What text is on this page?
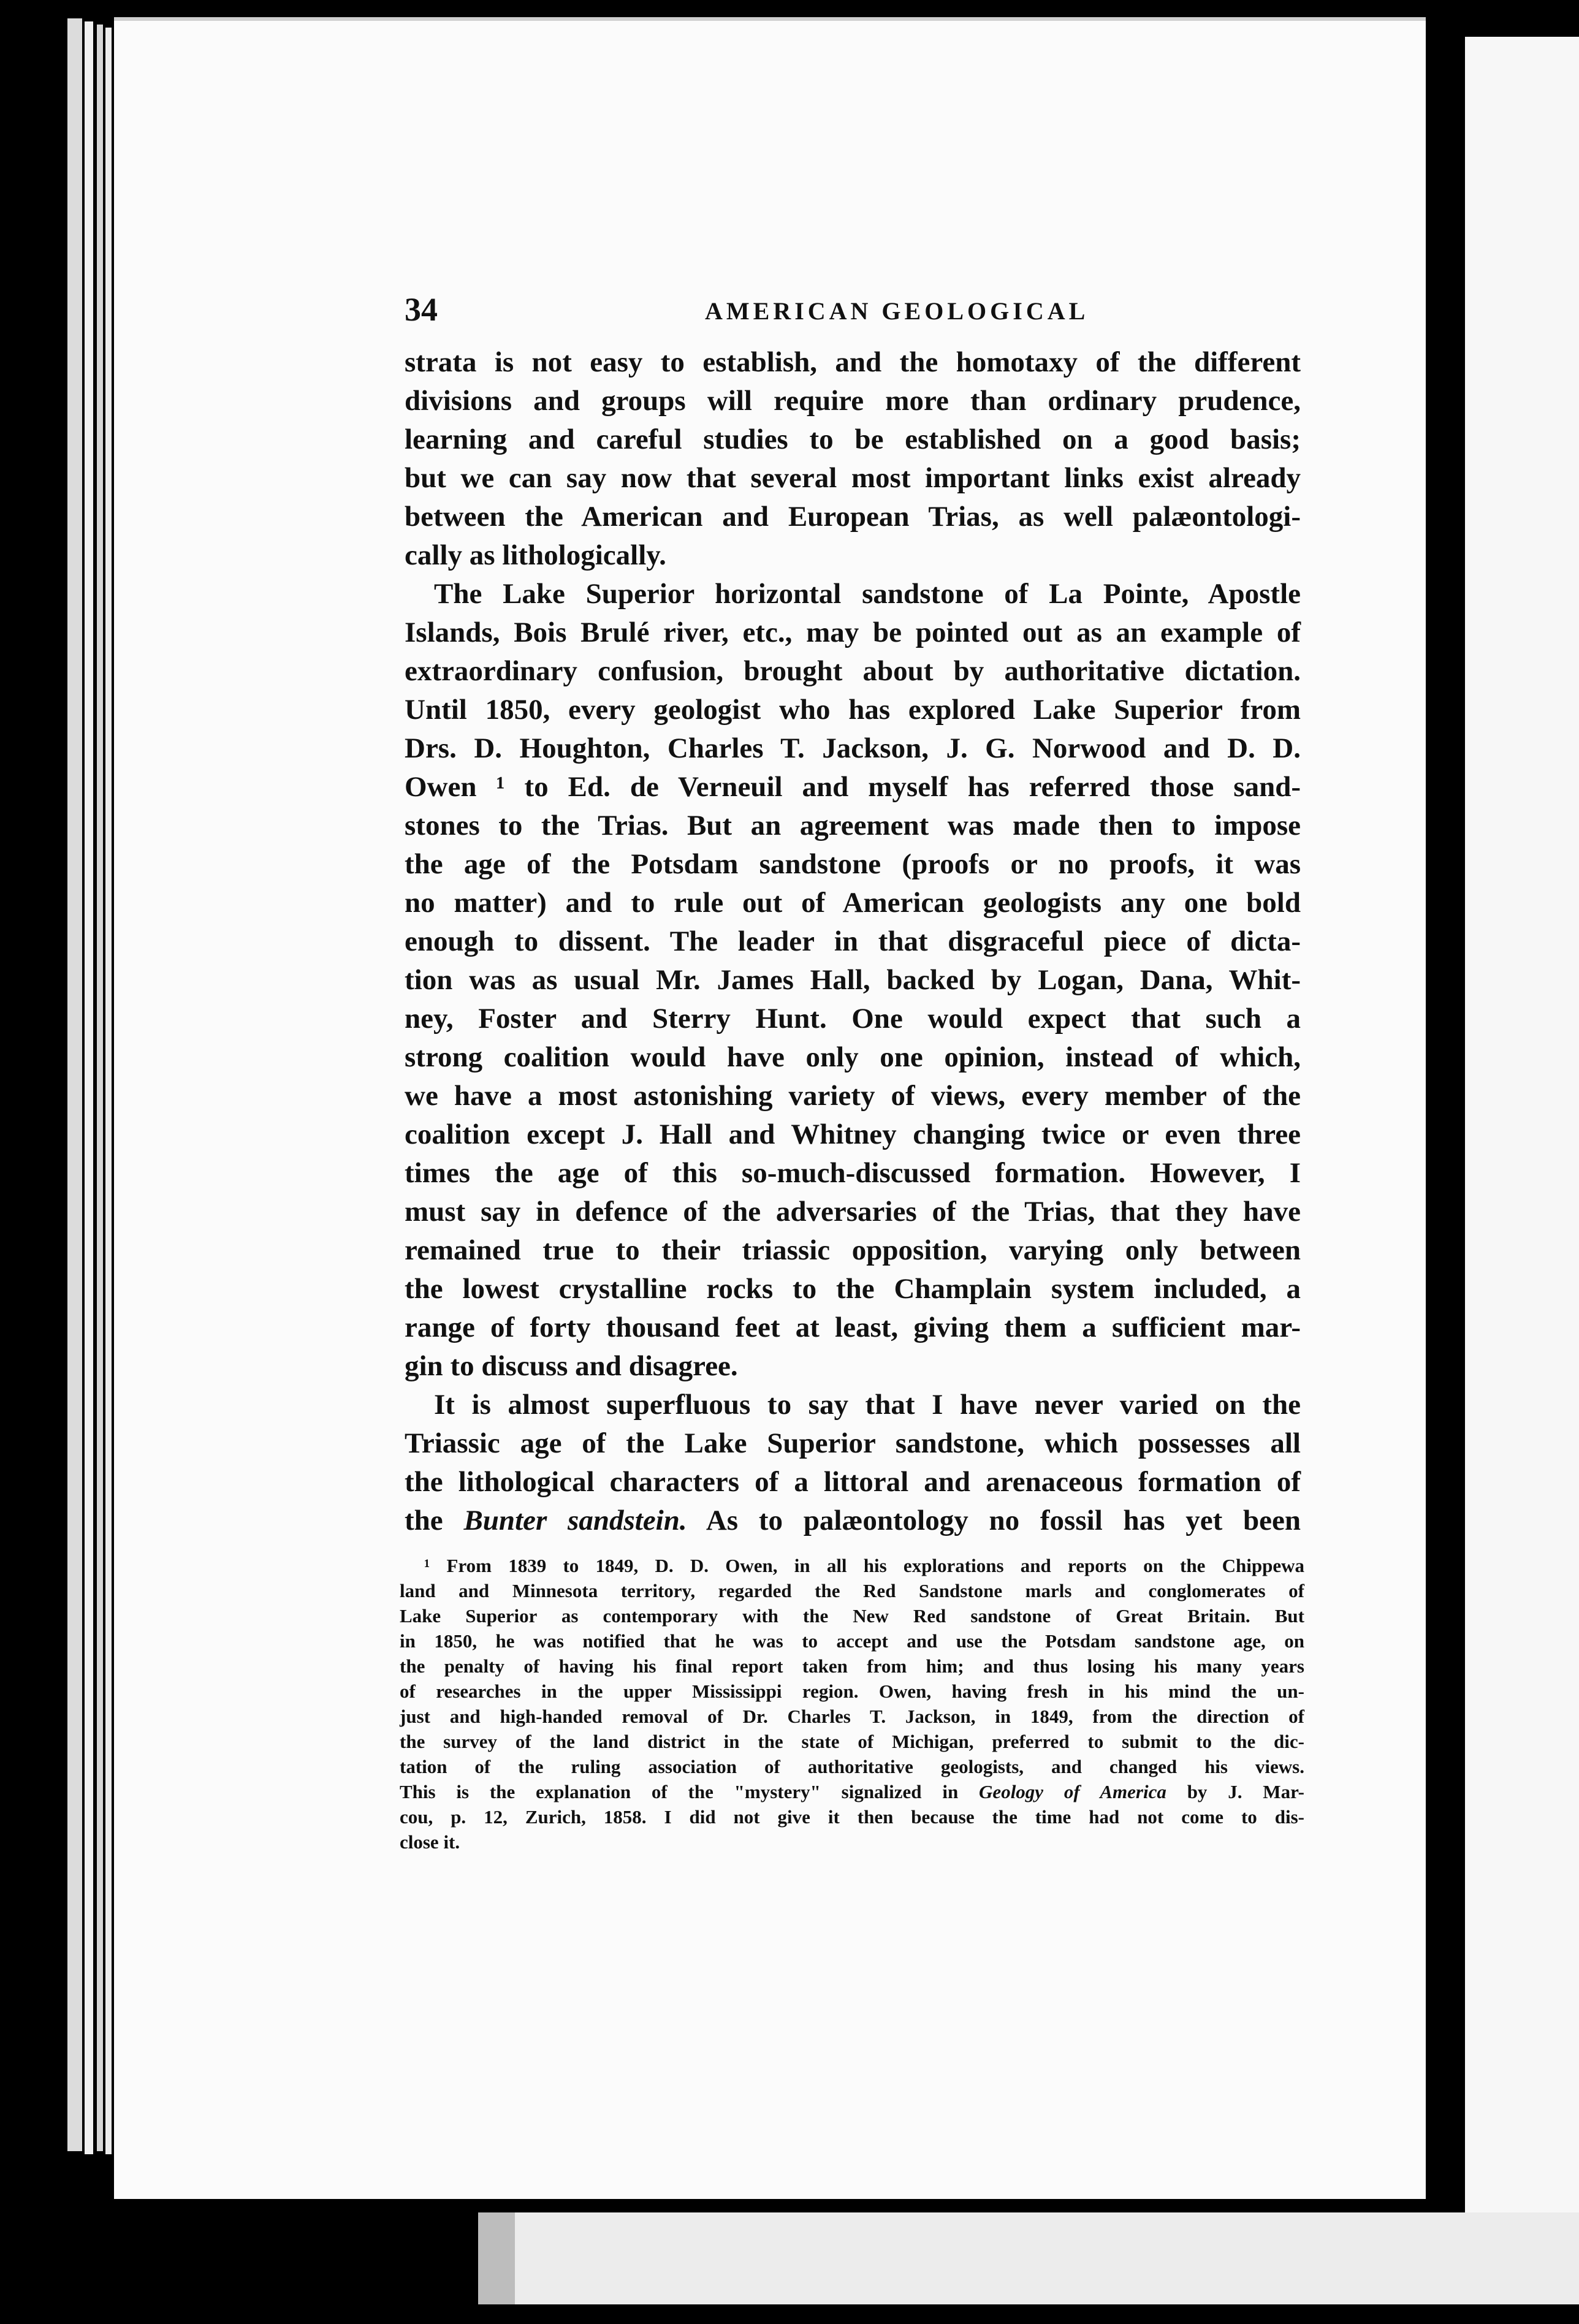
34	AMERICAN GEOLOGICAL
strata is not easy to establish, and the homotaxy of the different
divisions and groups will require more than ordinary prudence,
learning and careful studies to be established on a good basis;
but we can say now that several most important links exist already
between the American and European Trias, as well palæontologi-
cally as lithologically.
The Lake Superior horizontal sandstone of La Pointe, Apostle
Islands, Bois Brulé river, etc., may be pointed out as an example of
extraordinary confusion, brought about by authoritative dictation.
Until 1850, every geologist who has explored Lake Superior from
Drs. D. Houghton, Charles T. Jackson, J. G. Norwood and D. D.
Owen ¹ to Ed. de Verneuil and myself has referred those sand-
stones to the Trias. But an agreement was made then to impose
the age of the Potsdam sandstone (proofs or no proofs, it was
no matter) and to rule out of American geologists any one bold
enough to dissent. The leader in that disgraceful piece of dicta-
tion was as usual Mr. James Hall, backed by Logan, Dana, Whit-
ney, Foster and Sterry Hunt. One would expect that such a
strong coalition would have only one opinion, instead of which,
we have a most astonishing variety of views, every member of the
coalition except J. Hall and Whitney changing twice or even three
times the age of this so-much-discussed formation. However, I
must say in defence of the adversaries of the Trias, that they have
remained true to their triassic opposition, varying only between
the lowest crystalline rocks to the Champlain system included, a
range of forty thousand feet at least, giving them a sufficient mar-
gin to discuss and disagree.
It is almost superfluous to say that I have never varied on the
Triassic age of the Lake Superior sandstone, which possesses all
the lithological characters of a littoral and arenaceous formation of
the Bunter sandstein. As to palæontology no fossil has yet been
¹ From 1839 to 1849, D. D. Owen, in all his explorations and reports on the Chippewa
land and Minnesota territory, regarded the Red Sandstone marls and conglomerates of
Lake Superior as contemporary with the New Red sandstone of Great Britain. But
in 1850, he was notified that he was to accept and use the Potsdam sandstone age, on
the penalty of having his final report taken from him; and thus losing his many years
of researches in the upper Mississippi region. Owen, having fresh in his mind the un-
just and high-handed removal of Dr. Charles T. Jackson, in 1849, from the direction of
the survey of the land district in the state of Michigan, preferred to submit to the dic-
tation of the ruling association of authoritative geologists, and changed his views.
This is the explanation of the "mystery" signalized in Geology of America by J. Mar-
cou, p. 12, Zurich, 1858. I did not give it then because the time had not come to dis-
close it.
